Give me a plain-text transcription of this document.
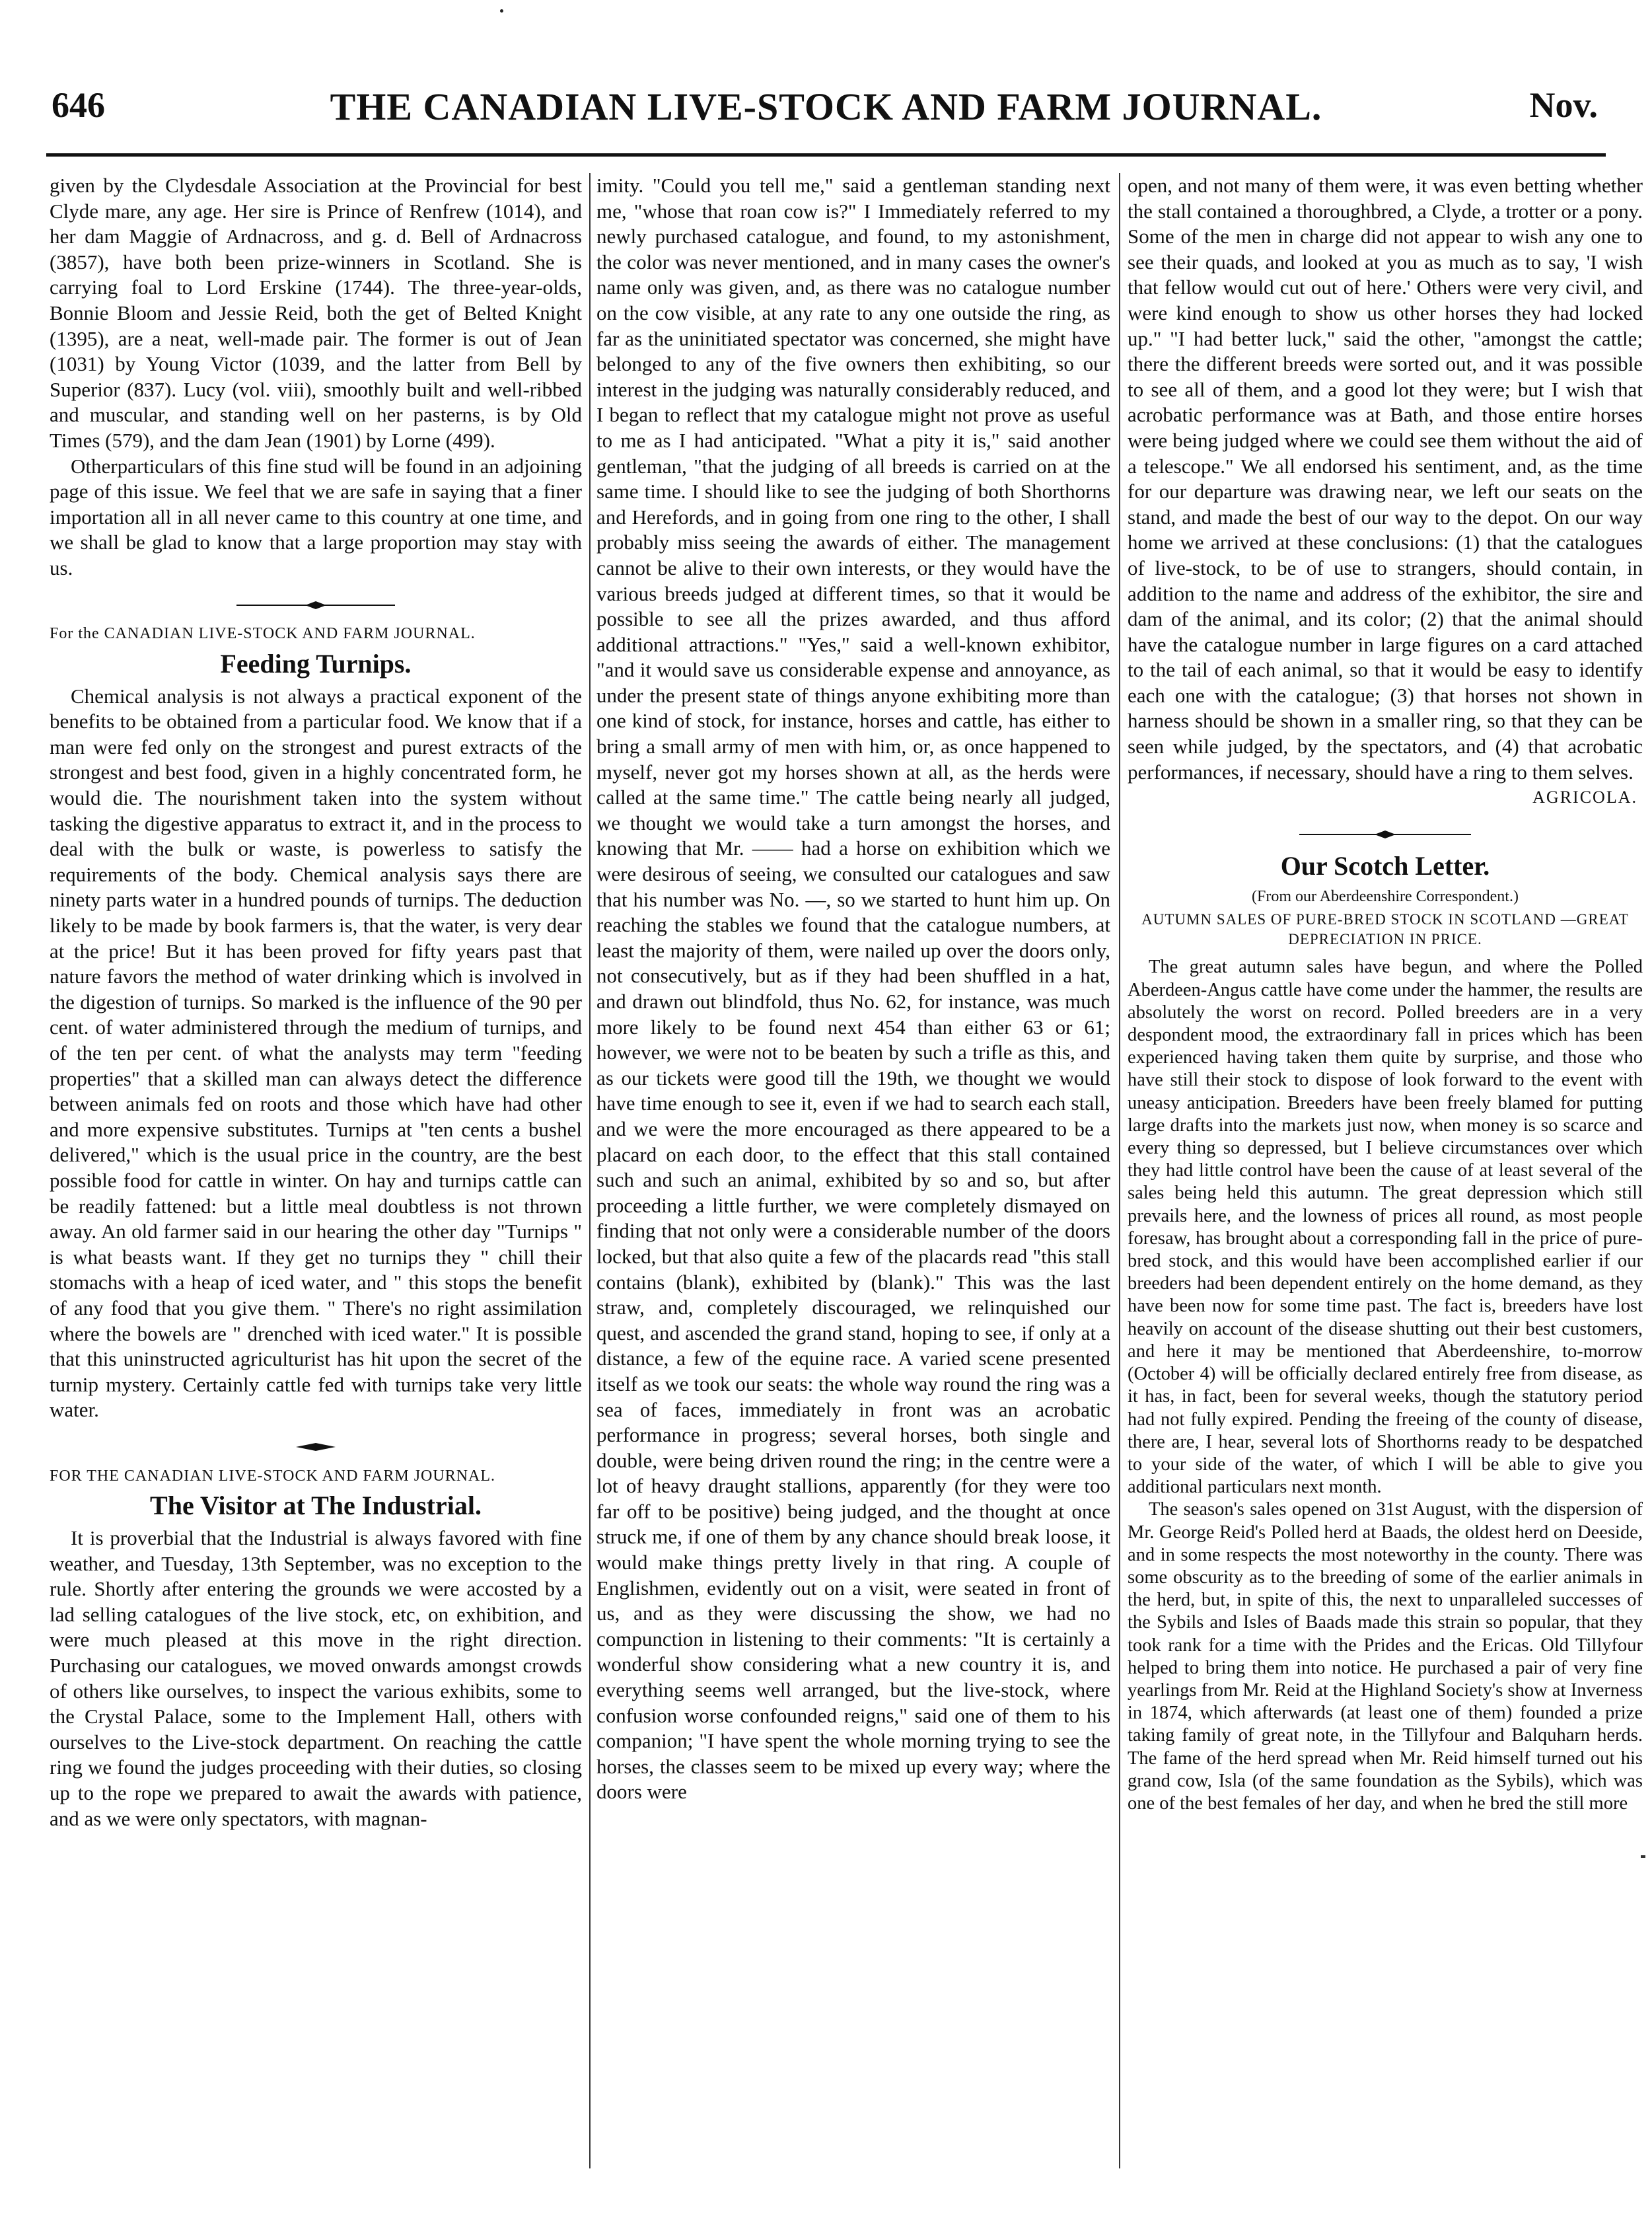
646	THE CANADIAN LIVE-STOCK AND FARM JOURNAL.	Nov.

given by the Clydesdale Association at the Provincial for best Clyde mare, any age. Her sire is Prince of Renfrew (1014), and her dam Maggie of Ardnacross, and g. d. Bell of Ardnacross (3857), have both been prize-winners in Scotland. She is carrying foal to Lord Erskine (1744). The three-year-olds, Bonnie Bloom and Jessie Reid, both the get of Belted Knight (1395), are a neat, well-made pair. The former is out of Jean (1031) by Young Victor (1039, and the latter from Bell by Superior (837). Lucy (vol. viii), smoothly built and well-ribbed and muscular, and standing well on her pasterns, is by Old Times (579), and the dam Jean (1901) by Lorne (499).

Otherparticulars of this fine stud will be found in an adjoining page of this issue. We feel that we are safe in saying that a finer importation all in all never came to this country at one time, and we shall be glad to know that a large proportion may stay with us.

For the CANADIAN LIVE-STOCK AND FARM JOURNAL.
Feeding Turnips.

Chemical analysis is not always a practical exponent of the benefits to be obtained from a particular food. We know that if a man were fed only on the strongest and purest extracts of the strongest and best food, given in a highly concentrated form, he would die. The nourishment taken into the system without tasking the digestive apparatus to extract it, and in the process to deal with the bulk or waste, is powerless to satisfy the requirements of the body. Chemical analysis says there are ninety parts water in a hundred pounds of turnips. The deduction likely to be made by book farmers is, that the water, is very dear at the price! But it has been proved for fifty years past that nature favors the method of water drinking which is involved in the digestion of turnips. So marked is the influence of the 90 per cent. of water administered through the medium of turnips, and of the ten per cent. of what the analysts may term "feeding properties" that a skilled man can always detect the difference between animals fed on roots and those which have had other and more expensive substitutes. Turnips at "ten cents a bushel delivered," which is the usual price in the country, are the best possible food for cattle in winter. On hay and turnips cattle can be readily fattened: but a little meal doubtless is not thrown away. An old farmer said in our hearing the other day "Turnips " is what beasts want. If they get no turnips they " chill their stomachs with a heap of iced water, and " this stops the benefit of any food that you give them. " There's no right assimilation where the bowels are " drenched with iced water." It is possible that this uninstructed agriculturist has hit upon the secret of the turnip mystery. Certainly cattle fed with turnips take very little water.

FOR THE CANADIAN LIVE-STOCK AND FARM JOURNAL.
The Visitor at The Industrial.

It is proverbial that the Industrial is always favored with fine weather, and Tuesday, 13th September, was no exception to the rule. Shortly after entering the grounds we were accosted by a lad selling catalogues of the live stock, etc, on exhibition, and were much pleased at this move in the right direction. Purchasing our catalogues, we moved onwards amongst crowds of others like ourselves, to inspect the various exhibits, some to the Crystal Palace, some to the Implement Hall, others with ourselves to the Live-stock department. On reaching the cattle ring we found the judges proceeding with their duties, so closing up to the rope we prepared to await the awards with patience, and as we were only spectators, with magnan-

imity. "Could you tell me," said a gentleman standing next me, "whose that roan cow is?" I Immediately referred to my newly purchased catalogue, and found, to my astonishment, the color was never mentioned, and in many cases the owner's name only was given, and, as there was no catalogue number on the cow visible, at any rate to any one outside the ring, as far as the uninitiated spectator was concerned, she might have belonged to any of the five owners then exhibiting, so our interest in the judging was naturally considerably reduced, and I began to reflect that my catalogue might not prove as useful to me as I had anticipated. "What a pity it is," said another gentleman, "that the judging of all breeds is carried on at the same time. I should like to see the judging of both Shorthorns and Herefords, and in going from one ring to the other, I shall probably miss seeing the awards of either. The management cannot be alive to their own interests, or they would have the various breeds judged at different times, so that it would be possible to see all the prizes awarded, and thus afford additional attractions." "Yes," said a well-known exhibitor, "and it would save us considerable expense and annoyance, as under the present state of things anyone exhibiting more than one kind of stock, for instance, horses and cattle, has either to bring a small army of men with him, or, as once happened to myself, never got my horses shown at all, as the herds were called at the same time." The cattle being nearly all judged, we thought we would take a turn amongst the horses, and knowing that Mr. —— had a horse on exhibition which we were desirous of seeing, we consulted our catalogues and saw that his number was No. —, so we started to hunt him up. On reaching the stables we found that the catalogue numbers, at least the majority of them, were nailed up over the doors only, not consecutively, but as if they had been shuffled in a hat, and drawn out blindfold, thus No. 62, for instance, was much more likely to be found next 454 than either 63 or 61; however, we were not to be beaten by such a trifle as this, and as our tickets were good till the 19th, we thought we would have time enough to see it, even if we had to search each stall, and we were the more encouraged as there appeared to be a placard on each door, to the effect that this stall contained such and such an animal, exhibited by so and so, but after proceeding a little further, we were completely dismayed on finding that not only were a considerable number of the doors locked, but that also quite a few of the placards read "this stall contains (blank), exhibited by (blank)." This was the last straw, and, completely discouraged, we relinquished our quest, and ascended the grand stand, hoping to see, if only at a distance, a few of the equine race. A varied scene presented itself as we took our seats: the whole way round the ring was a sea of faces, immediately in front was an acrobatic performance in progress; several horses, both single and double, were being driven round the ring; in the centre were a lot of heavy draught stallions, apparently (for they were too far off to be positive) being judged, and the thought at once struck me, if one of them by any chance should break loose, it would make things pretty lively in that ring. A couple of Englishmen, evidently out on a visit, were seated in front of us, and as they were discussing the show, we had no compunction in listening to their comments: "It is certainly a wonderful show considering what a new country it is, and everything seems well arranged, but the live-stock, where confusion worse confounded reigns," said one of them to his companion; "I have spent the whole morning trying to see the horses, the classes seem to be mixed up every way; where the doors were

open, and not many of them were, it was even betting whether the stall contained a thoroughbred, a Clyde, a trotter or a pony. Some of the men in charge did not appear to wish any one to see their quads, and looked at you as much as to say, 'I wish that fellow would cut out of here.' Others were very civil, and were kind enough to show us other horses they had locked up." "I had better luck," said the other, "amongst the cattle; there the different breeds were sorted out, and it was possible to see all of them, and a good lot they were; but I wish that acrobatic performance was at Bath, and those entire horses were being judged where we could see them without the aid of a telescope." We all endorsed his sentiment, and, as the time for our departure was drawing near, we left our seats on the stand, and made the best of our way to the depot. On our way home we arrived at these conclusions: (1) that the catalogues of live-stock, to be of use to strangers, should contain, in addition to the name and address of the exhibitor, the sire and dam of the animal, and its color; (2) that the animal should have the catalogue number in large figures on a card attached to the tail of each animal, so that it would be easy to identify each one with the catalogue; (3) that horses not shown in harness should be shown in a smaller ring, so that they can be seen while judged, by the spectators, and (4) that acrobatic performances, if necessary, should have a ring to them selves.

AGRICOLA.
Our Scotch Letter.
(From our Aberdeenshire Correspondent.)
AUTUMN SALES OF PURE-BRED STOCK IN SCOTLAND —GREAT DEPRECIATION IN PRICE.

The great autumn sales have begun, and where the Polled Aberdeen-Angus cattle have come under the hammer, the results are absolutely the worst on record. Polled breeders are in a very despondent mood, the extraordinary fall in prices which has been experienced having taken them quite by surprise, and those who have still their stock to dispose of look forward to the event with uneasy anticipation. Breeders have been freely blamed for putting large drafts into the markets just now, when money is so scarce and every thing so depressed, but I believe circumstances over which they had little control have been the cause of at least several of the sales being held this autumn. The great depression which still prevails here, and the lowness of prices all round, as most people foresaw, has brought about a corresponding fall in the price of pure-bred stock, and this would have been accomplished earlier if our breeders had been dependent entirely on the home demand, as they have been now for some time past. The fact is, breeders have lost heavily on account of the disease shutting out their best customers, and here it may be mentioned that Aberdeenshire, to-morrow (October 4) will be officially declared entirely free from disease, as it has, in fact, been for several weeks, though the statutory period had not fully expired. Pending the freeing of the county of disease, there are, I hear, several lots of Shorthorns ready to be despatched to your side of the water, of which I will be able to give you additional particulars next month.

The season's sales opened on 31st August, with the dispersion of Mr. George Reid's Polled herd at Baads, the oldest herd on Deeside, and in some respects the most noteworthy in the county. There was some obscurity as to the breeding of some of the earlier animals in the herd, but, in spite of this, the next to unparalleled successes of the Sybils and Isles of Baads made this strain so popular, that they took rank for a time with the Prides and the Ericas. Old Tillyfour helped to bring them into notice. He purchased a pair of very fine yearlings from Mr. Reid at the Highland Society's show at Inverness in 1874, which afterwards (at least one of them) founded a prize taking family of great note, in the Tillyfour and Balquharn herds. The fame of the herd spread when Mr. Reid himself turned out his grand cow, Isla (of the same foundation as the Sybils), which was one of the best females of her day, and when he bred the still more
